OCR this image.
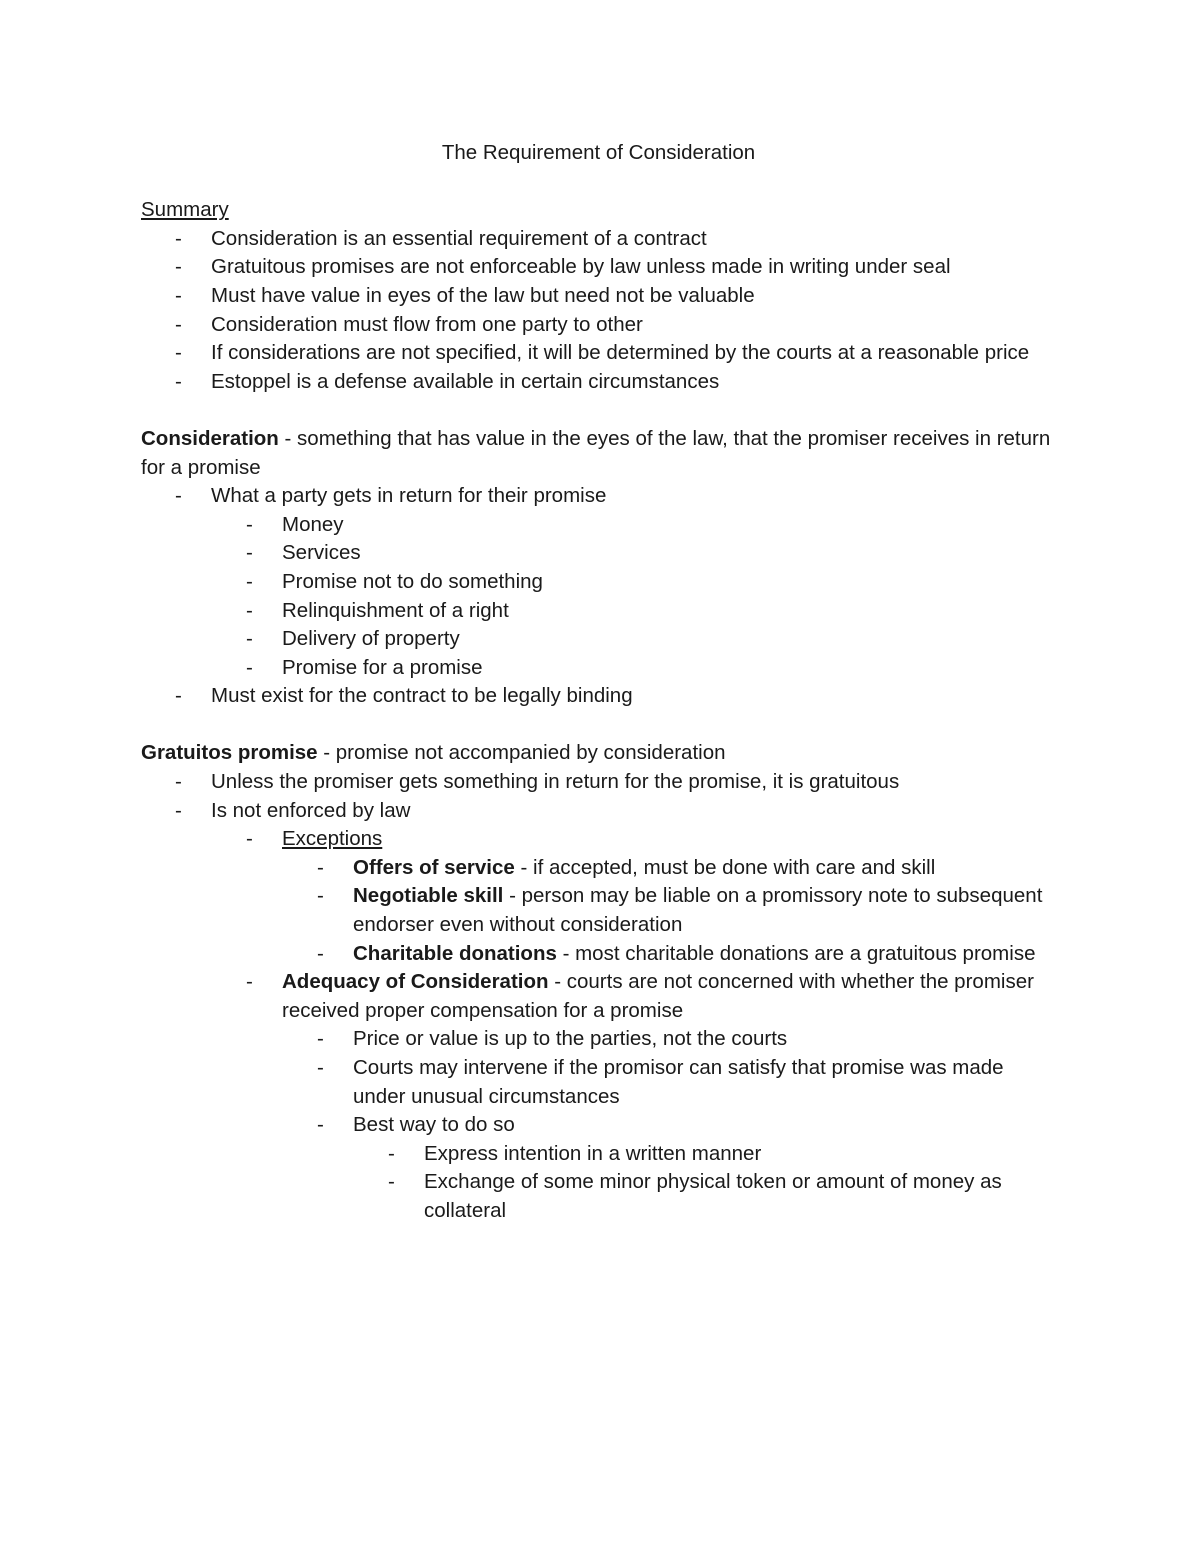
The Requirement of Consideration
Summary
- Consideration is an essential requirement of a contract
- Gratuitous promises are not enforceable by law unless made in writing under seal
- Must have value in eyes of the law but need not be valuable
- Consideration must flow from one party to other
- If considerations are not specified, it will be determined by the courts at a reasonable price
- Estoppel is a defense available in certain circumstances
Consideration - something that has value in the eyes of the law, that the promiser receives in return for a promise
- What a party gets in return for their promise
- Money
- Services
- Promise not to do something
- Relinquishment of a right
- Delivery of property
- Promise for a promise
- Must exist for the contract to be legally binding
Gratuitos promise - promise not accompanied by consideration
- Unless the promiser gets something in return for the promise, it is gratuitous
- Is not enforced by law
- Exceptions
- Offers of service - if accepted, must be done with care and skill
- Negotiable skill - person may be liable on a promissory note to subsequent endorser even without consideration
- Charitable donations - most charitable donations are a gratuitous promise
- Adequacy of Consideration - courts are not concerned with whether the promiser received proper compensation for a promise
- Price or value is up to the parties, not the courts
- Courts may intervene if the promisor can satisfy that promise was made under unusual circumstances
- Best way to do so
- Express intention in a written manner
- Exchange of some minor physical token or amount of money as collateral
